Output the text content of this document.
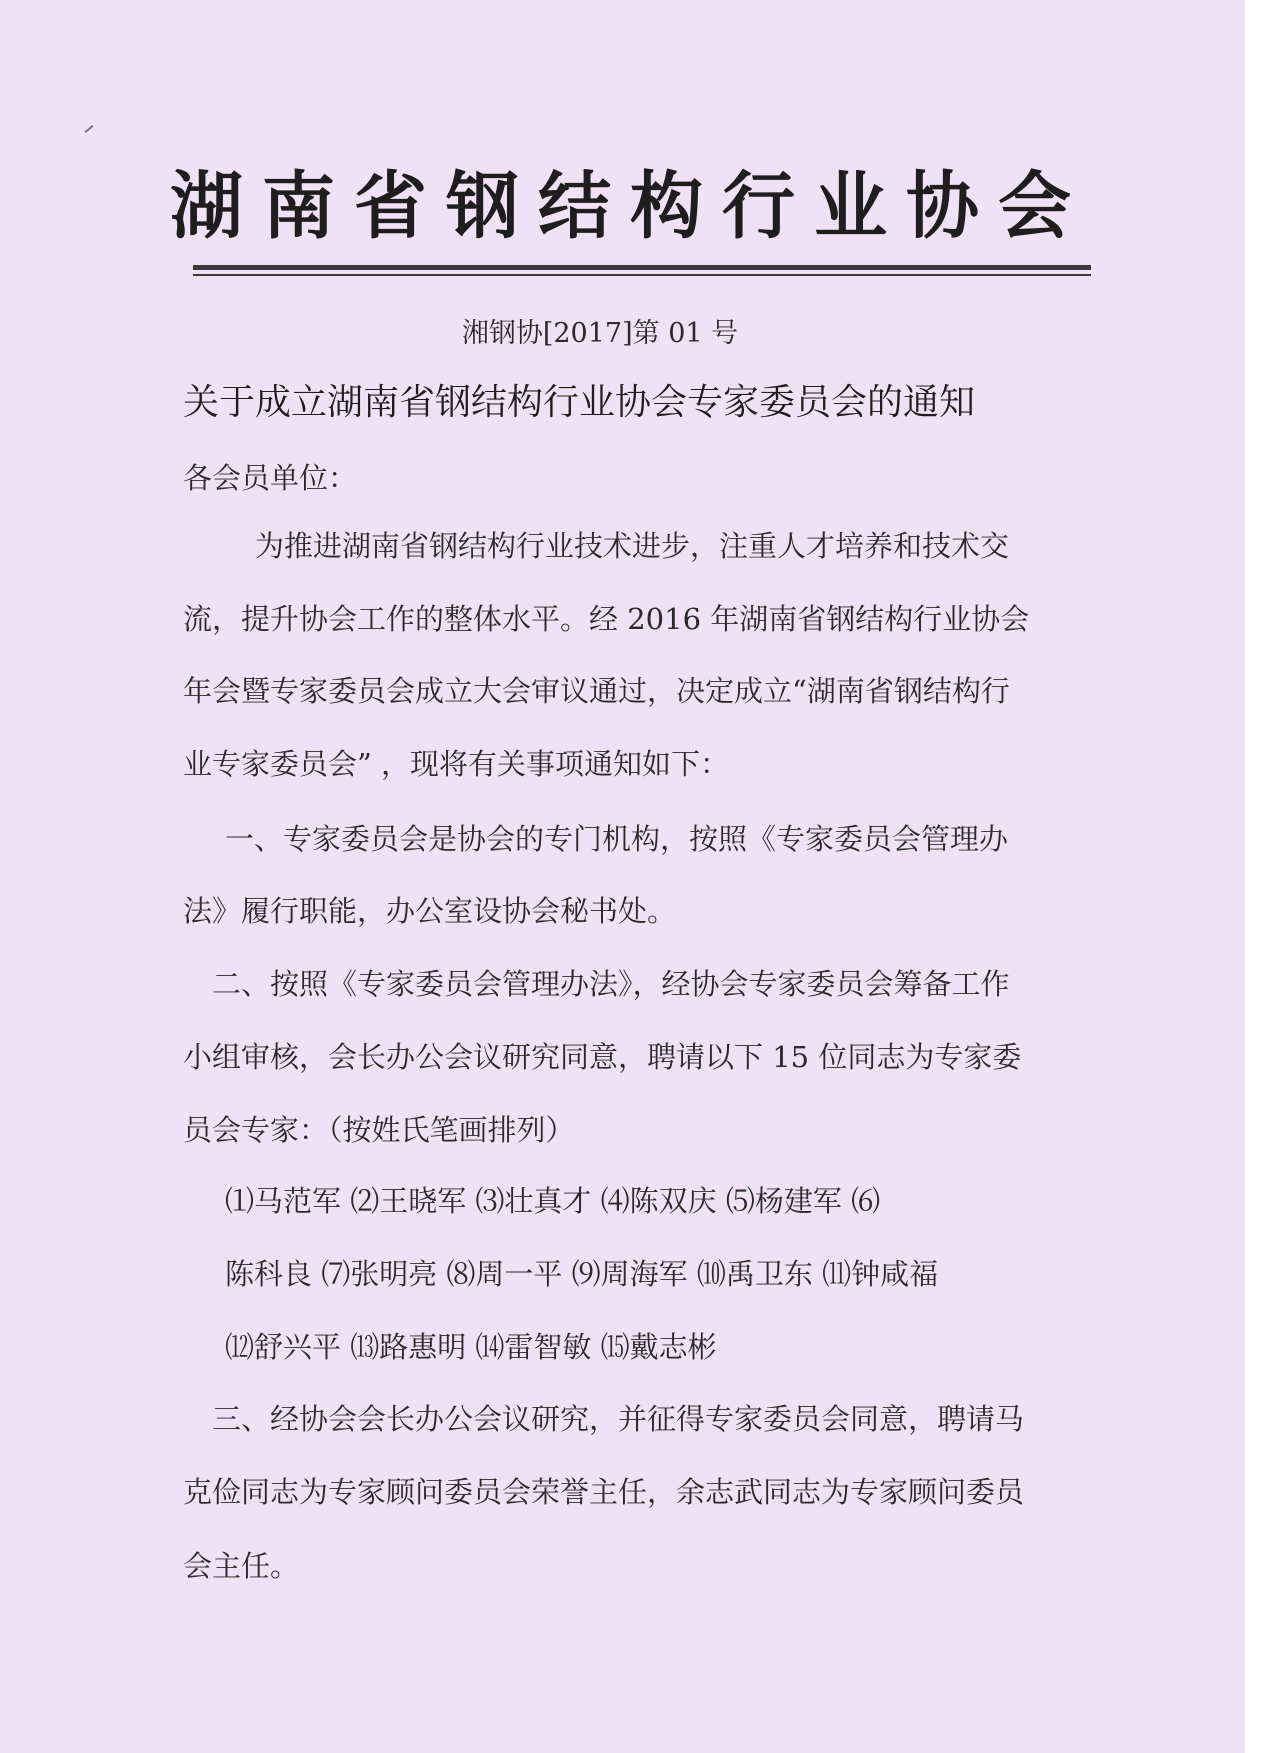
湖南省钢结构行业协会
湘钢协[2017]第 01 号
关于成立湖南省钢结构行业协会专家委员会的通知
各会员单位：
为推进湖南省钢结构行业技术进步，注重人才培养和技术交
流，提升协会工作的整体水平。经 2016 年湖南省钢结构行业协会
年会暨专家委员会成立大会审议通过，决定成立“湖南省钢结构行
业专家委员会” ，现将有关事项通知如下：
一、专家委员会是协会的专门机构，按照《专家委员会管理办
法》履行职能，办公室设协会秘书处。
二、按照《专家委员会管理办法》，经协会专家委员会筹备工作
小组审核，会长办公会议研究同意，聘请以下 15 位同志为专家委
员会专家：（按姓氏笔画排列）
⑴马范军 ⑵王晓军 ⑶壮真才 ⑷陈双庆 ⑸杨建军 ⑹
陈科良 ⑺张明亮 ⑻周一平 ⑼周海军 ⑽禹卫东 ⑾钟咸福
⑿舒兴平 ⒀路惠明 ⒁雷智敏 ⒂戴志彬
三、经协会会长办公会议研究，并征得专家委员会同意，聘请马
克俭同志为专家顾问委员会荣誉主任，余志武同志为专家顾问委员
会主任。
